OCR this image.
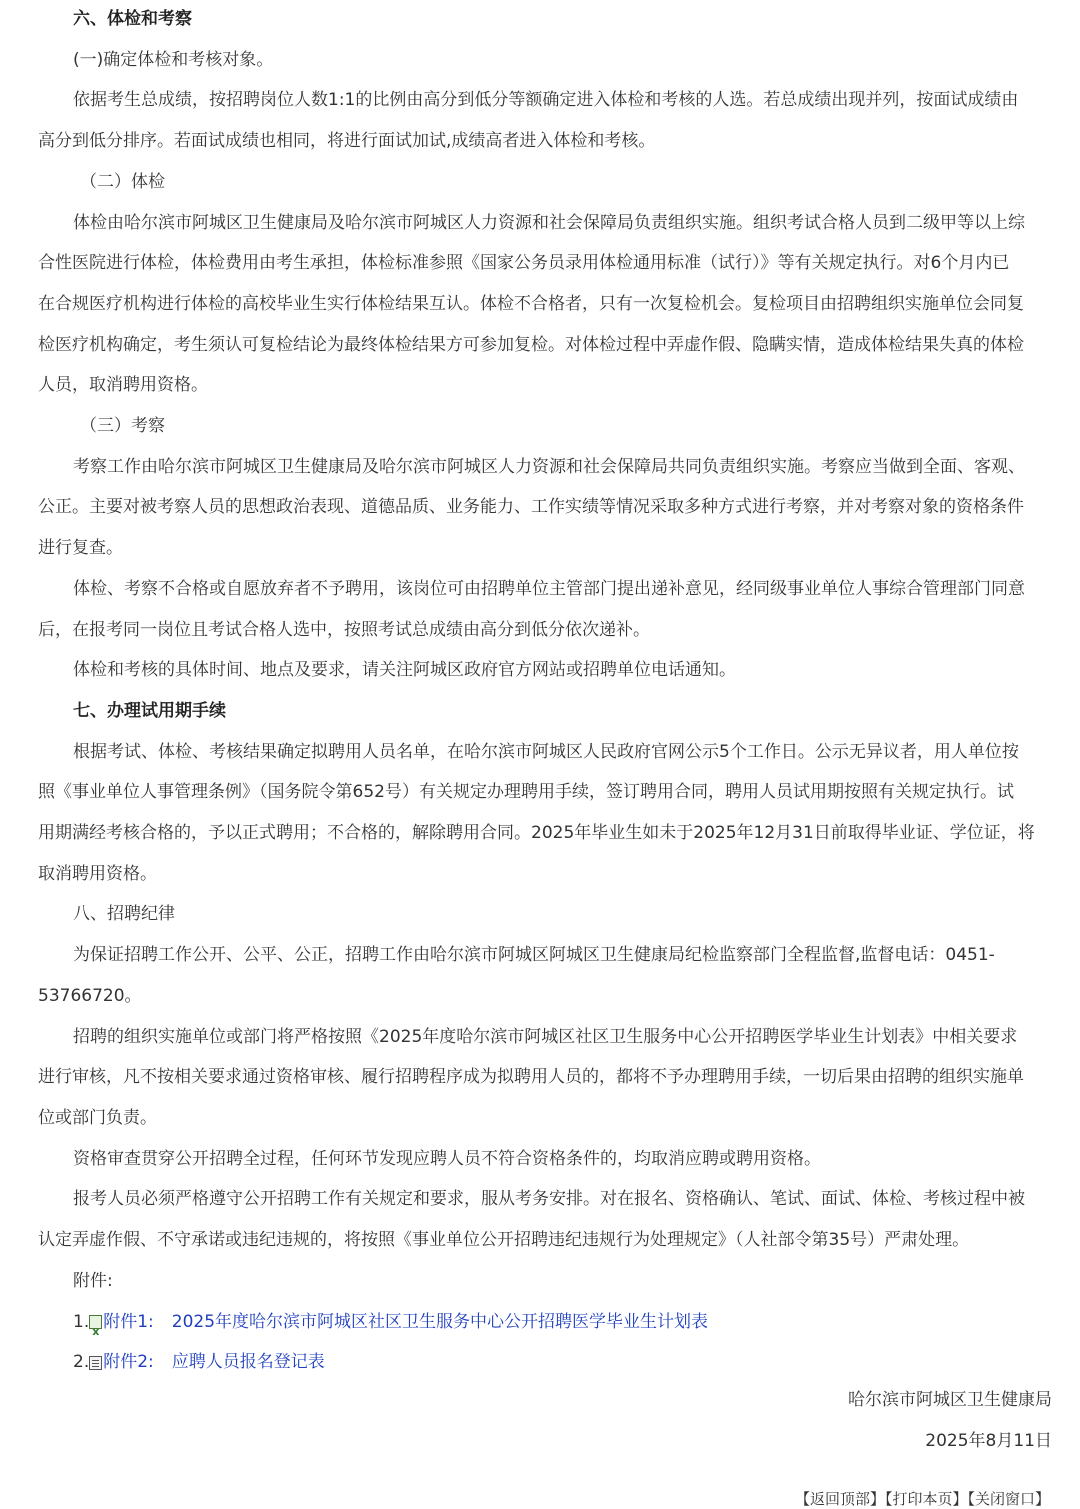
六、体检和考察
(一)确定体检和考核对象。
依据考生总成绩，按招聘岗位人数1:1的比例由高分到低分等额确定进入体检和考核的人选。若总成绩出现并列，按面试成绩由
高分到低分排序。若面试成绩也相同，将进行面试加试,成绩高者进入体检和考核。
（二）体检
体检由哈尔滨市阿城区卫生健康局及哈尔滨市阿城区人力资源和社会保障局负责组织实施。组织考试合格人员到二级甲等以上综
合性医院进行体检，体检费用由考生承担，体检标准参照《国家公务员录用体检通用标准（试行）》等有关规定执行。对6个月内已
在合规医疗机构进行体检的高校毕业生实行体检结果互认。体检不合格者，只有一次复检机会。复检项目由招聘组织实施单位会同复
检医疗机构确定，考生须认可复检结论为最终体检结果方可参加复检。对体检过程中弄虚作假、隐瞒实情，造成体检结果失真的体检
人员，取消聘用资格。
（三）考察
考察工作由哈尔滨市阿城区卫生健康局及哈尔滨市阿城区人力资源和社会保障局共同负责组织实施。考察应当做到全面、客观、
公正。主要对被考察人员的思想政治表现、道德品质、业务能力、工作实绩等情况采取多种方式进行考察，并对考察对象的资格条件
进行复查。
体检、考察不合格或自愿放弃者不予聘用，该岗位可由招聘单位主管部门提出递补意见，经同级事业单位人事综合管理部门同意
后，在报考同一岗位且考试合格人选中，按照考试总成绩由高分到低分依次递补。
体检和考核的具体时间、地点及要求，请关注阿城区政府官方网站或招聘单位电话通知。
七、办理试用期手续
根据考试、体检、考核结果确定拟聘用人员名单，在哈尔滨市阿城区人民政府官网公示5个工作日。公示无异议者，用人单位按
照《事业单位人事管理条例》（国务院令第652号）有关规定办理聘用手续，签订聘用合同，聘用人员试用期按照有关规定执行。试
用期满经考核合格的，予以正式聘用；不合格的，解除聘用合同。2025年毕业生如未于2025年12月31日前取得毕业证、学位证，将
取消聘用资格。
八、招聘纪律
为保证招聘工作公开、公平、公正，招聘工作由哈尔滨市阿城区阿城区卫生健康局纪检监察部门全程监督,监督电话：0451-
53766720。
招聘的组织实施单位或部门将严格按照《2025年度哈尔滨市阿城区社区卫生服务中心公开招聘医学毕业生计划表》中相关要求
进行审核，凡不按相关要求通过资格审核、履行招聘程序成为拟聘用人员的，都将不予办理聘用手续，一切后果由招聘的组织实施单
位或部门负责。
资格审查贯穿公开招聘全过程，任何环节发现应聘人员不符合资格条件的，均取消应聘或聘用资格。
报考人员必须严格遵守公开招聘工作有关规定和要求，服从考务安排。对在报名、资格确认、笔试、面试、体检、考核过程中被
认定弄虚作假、不守承诺或违纪违规的，将按照《事业单位公开招聘违纪违规行为处理规定》（人社部令第35号）严肃处理。
附件:
1.
x 附件1: 2025年度哈尔滨市阿城区社区卫生服务中心公开招聘医学毕业生计划表
2. 附件2: 应聘人员报名登记表
哈尔滨市阿城区卫生健康局
2025年8月11日
【返回顶部】【打印本页】【关闭窗口】
